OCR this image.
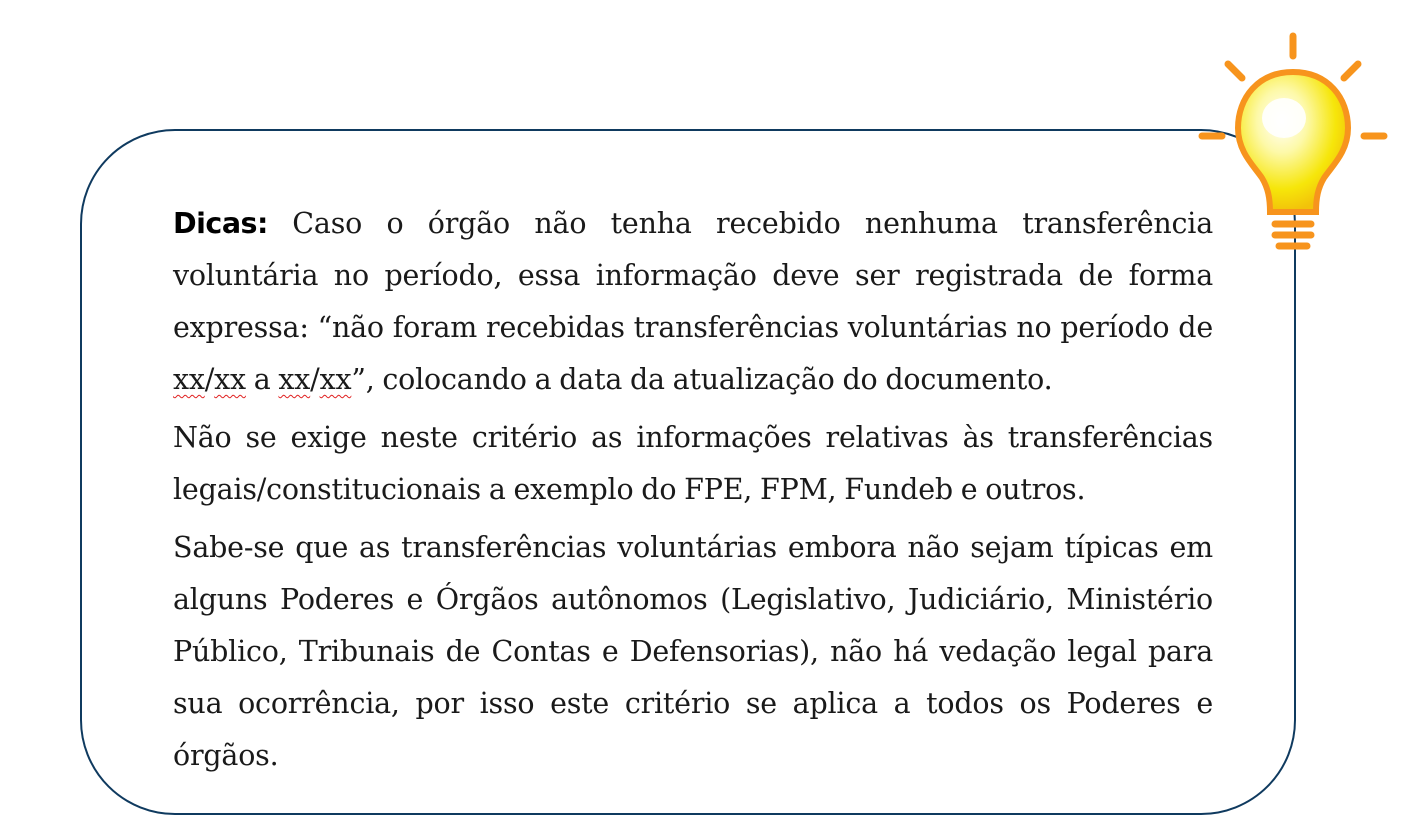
Dicas: Caso o órgão não tenha recebido nenhuma transferência voluntária no período, essa informação deve ser registrada de forma expressa: “não foram recebidas transferências voluntárias no período de xx/xx a xx/xx”, colocando a data da atualização do documento.

Não se exige neste critério as informações relativas às transferências legais/constitucionais a exemplo do FPE, FPM, Fundeb e outros.

Sabe-se que as transferências voluntárias embora não sejam típicas em alguns Poderes e Órgãos autônomos (Legislativo, Judiciário, Ministério Público, Tribunais de Contas e Defensorias), não há vedação legal para sua ocorrência, por isso este critério se aplica a todos os Poderes e órgãos.
